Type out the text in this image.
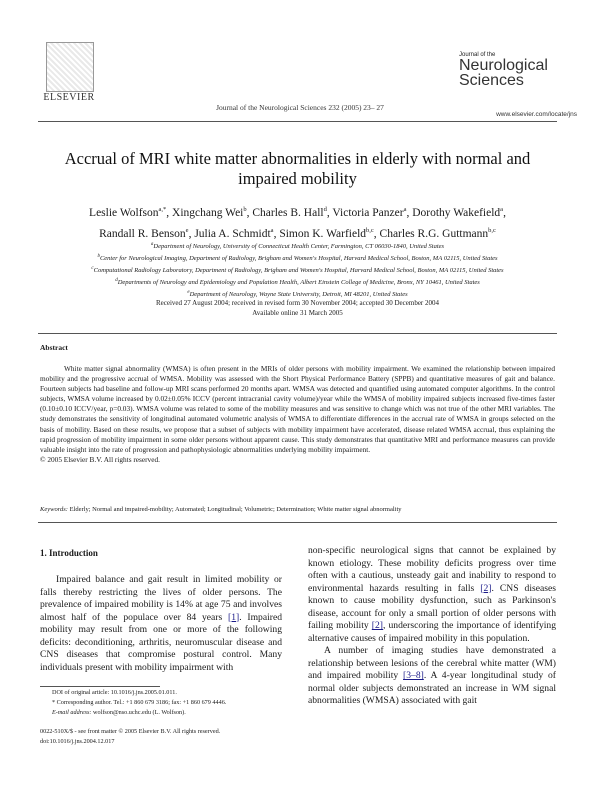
ELSEVIER
Journal of the Neurological Sciences 232 (2005) 23– 27
Journal of the
Neurological
Sciences
www.elsevier.com/locate/jns
Accrual of MRI white matter abnormalities in elderly with normal and impaired mobility
Leslie Wolfson$^{a,*}$, Xingchang Wei$^b$, Charles B. Hall$^d$, Victoria Panzer$^a$, Dorothy Wakefield$^a$,
Randall R. Benson$^e$, Julia A. Schmidt$^a$, Simon K. Warfield$^{b,c}$, Charles R.G. Guttmann$^{b,c}$
$^a$Department of Neurology, University of Connecticut Health Center, Farmington, CT 06030-1840, United States
$^b$Center for Neurological Imaging, Department of Radiology, Brigham and Women's Hospital, Harvard Medical School, Boston, MA 02115, United States
$^c$Computational Radiology Laboratory, Department of Radiology, Brigham and Women's Hospital, Harvard Medical School, Boston, MA 02115, United States
$^d$Departments of Neurology and Epidemiology and Population Health, Albert Einstein College of Medicine, Bronx, NY 10461, United States
$^e$Department of Neurology, Wayne State University, Detroit, MI 48201, United States
Received 27 August 2004; received in revised form 30 November 2004; accepted 30 December 2004
Available online 31 March 2005
Abstract

White matter signal abnormality (WMSA) is often present in the MRIs of older persons with mobility impairment. We examined the relationship between impaired mobility and the progressive accrual of WMSA. Mobility was assessed with the Short Physical Performance Battery (SPPB) and quantitative measures of gait and balance. Fourteen subjects had baseline and follow-up MRI scans performed 20 months apart. WMSA was detected and quantified using automated computer algorithms. In the control subjects, WMSA volume increased by 0.02±0.05% ICCV (percent intracranial cavity volume)/year while the WMSA of mobility impaired subjects increased five-times faster (0.10±0.10 ICCV/year, p=0.03). WMSA volume was related to some of the mobility measures and was sensitive to change which was not true of the other MRI variables. The study demonstrates the sensitivity of longitudinal automated volumetric analysis of WMSA to differentiate differences in the accrual rate of WMSA in groups selected on the basis of mobility. Based on these results, we propose that a subset of subjects with mobility impairment have accelerated, disease related WMSA accrual, thus explaining the rapid progression of mobility impairment in some older persons without apparent cause. This study demonstrates that quantitative MRI and performance measures can provide valuable insight into the rate of progression and pathophysiologic abnormalities underlying mobility impairment.

© 2005 Elsevier B.V. All rights reserved.

Keywords: Elderly; Normal and impaired-mobility; Automated; Longitudinal; Volumetric; Determination; White matter signal abnormality
1. Introduction

Impaired balance and gait result in limited mobility or falls thereby restricting the lives of older persons. The prevalence of impaired mobility is 14% at age 75 and involves almost half of the populace over 84 years [1]. Impaired mobility may result from one or more of the following deficits: deconditioning, arthritis, neuromuscular disease and CNS diseases that compromise postural control. Many individuals present with mobility impairment with

non-specific neurological signs that cannot be explained by known etiology. These mobility deficits progress over time often with a cautious, unsteady gait and inability to respond to environmental hazards resulting in falls [2]. CNS diseases known to cause mobility dysfunction, such as Parkinson's disease, account for only a small portion of older persons with failing mobility [2], underscoring the importance of identifying alternative causes of impaired mobility in this population.

A number of imaging studies have demonstrated a relationship between lesions of the cerebral white matter (WM) and impaired mobility [3–8]. A 4-year longitudinal study of normal older subjects demonstrated an increase in WM signal abnormalities (WMSA) associated with gait

DOI of original article: 10.1016/j.jns.2005.01.011.
* Corresponding author. Tel.: +1 860 679 3186; fax: +1 860 679 4446.
E-mail address: wolfson@nso.uchc.edu (L. Wolfson).
0022-510X/$ - see front matter © 2005 Elsevier B.V. All rights reserved.
doi:10.1016/j.jns.2004.12.017
